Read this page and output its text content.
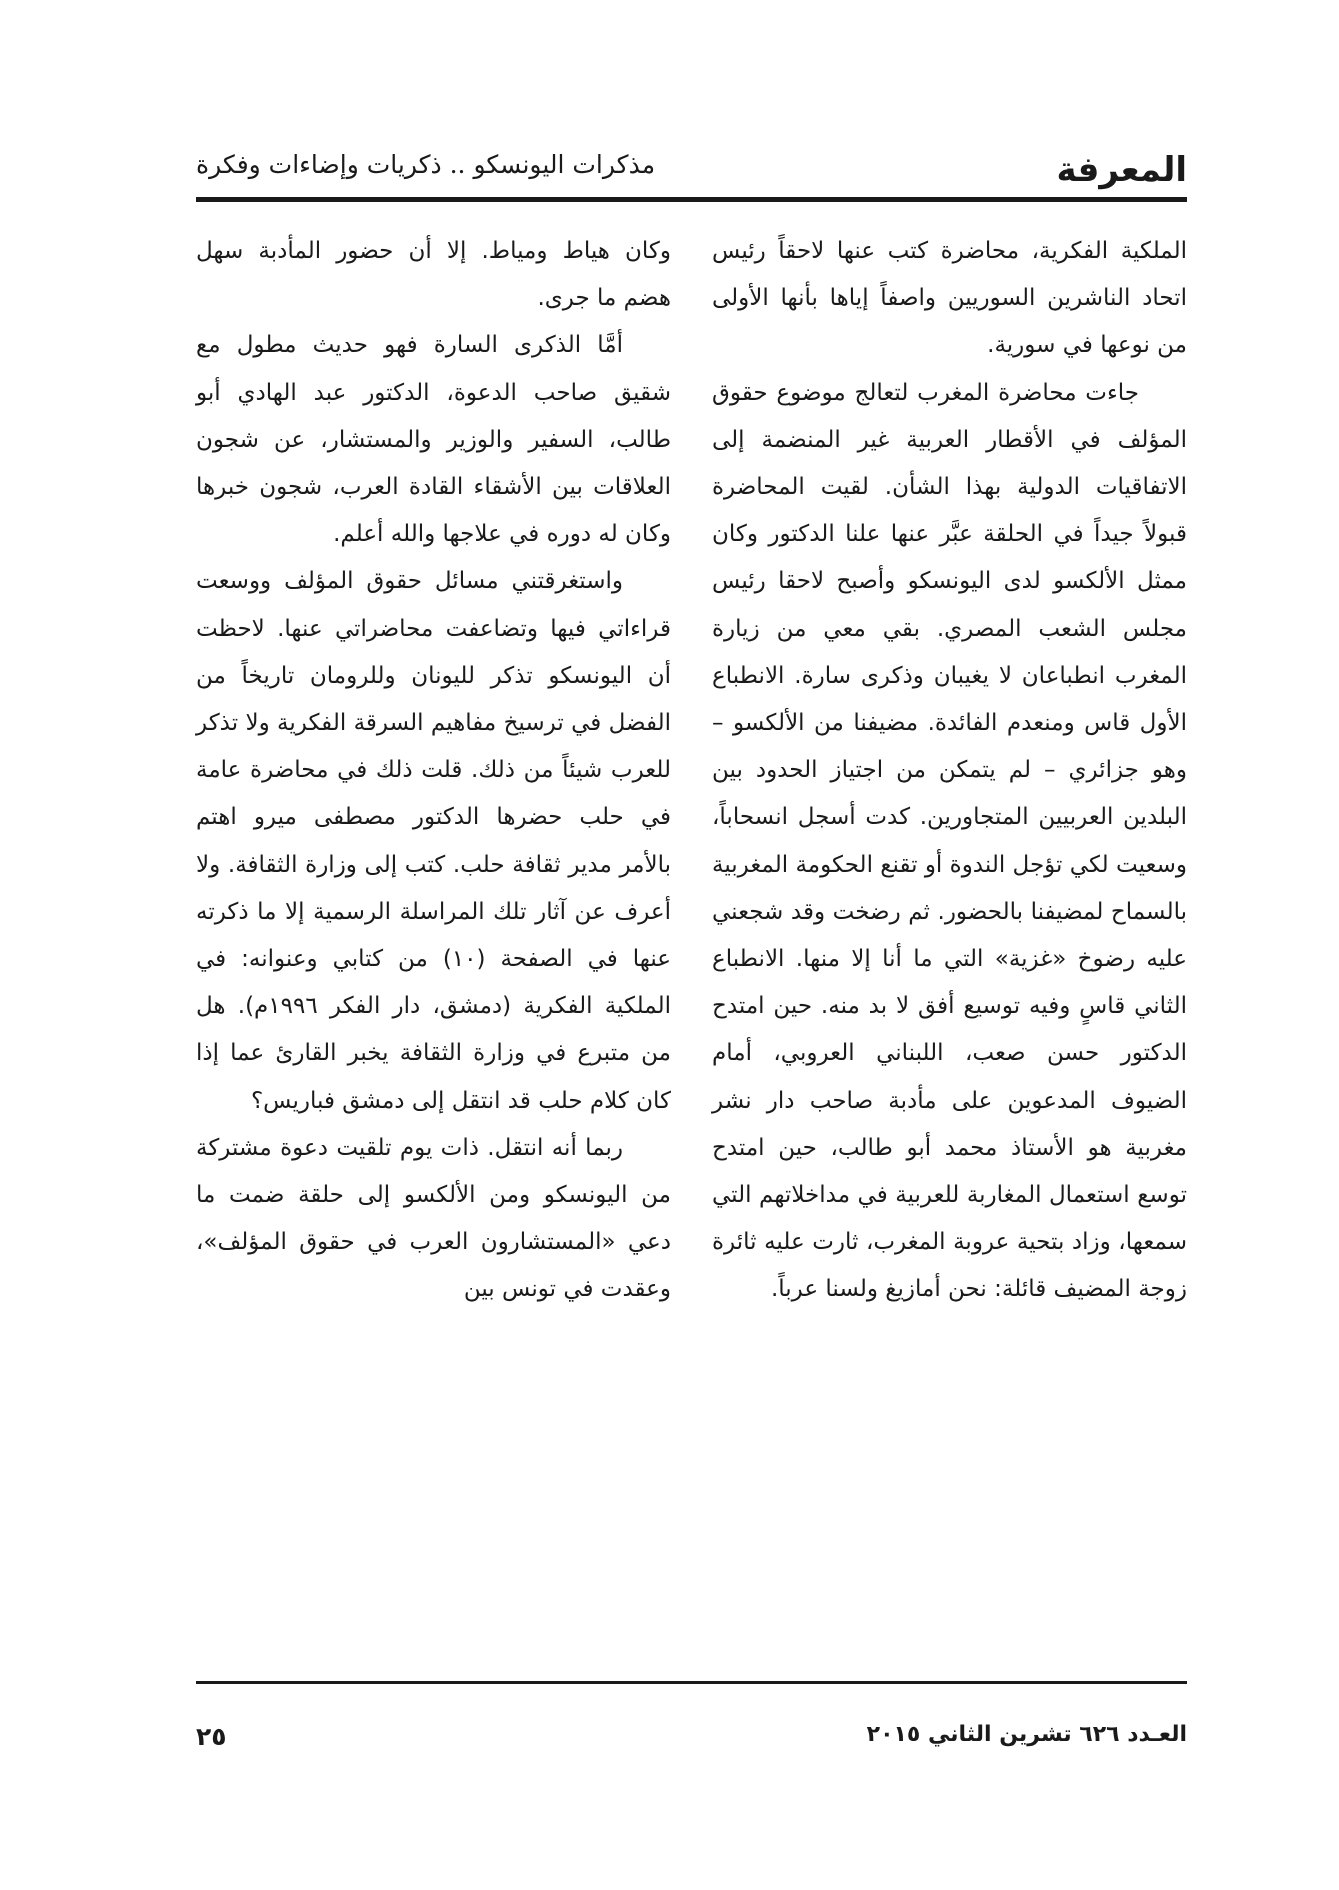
المعرفة
مذكرات اليونسكو .. ذكريات وإضاءات وفكرة

الملكية الفكرية، محاضرة كتب عنها لاحقاً رئيس اتحاد الناشرين السوريين واصفاً إياها بأنها الأولى من نوعها في سورية.

جاءت محاضرة المغرب لتعالج موضوع حقوق المؤلف في الأقطار العربية غير المنضمة إلى الاتفاقيات الدولية بهذا الشأن. لقيت المحاضرة قبولاً جيداً في الحلقة عبَّر عنها علنا الدكتور وكان ممثل الألكسو لدى اليونسكو وأصبح لاحقا رئيس مجلس الشعب المصري. بقي معي من زيارة المغرب انطباعان لا يغيبان وذكرى سارة. الانطباع الأول قاس ومنعدم الفائدة. مضيفنا من الألكسو – وهو جزائري – لم يتمكن من اجتياز الحدود بين البلدين العربيين المتجاورين. كدت أسجل انسحاباً، وسعيت لكي تؤجل الندوة أو تقنع الحكومة المغربية بالسماح لمضيفنا بالحضور. ثم رضخت وقد شجعني عليه رضوخ «غزية» التي ما أنا إلا منها. الانطباع الثاني قاسٍ وفيه توسيع أفق لا بد منه. حين امتدح الدكتور حسن صعب، اللبناني العروبي، أمام الضيوف المدعوين على مأدبة صاحب دار نشر مغربية هو الأستاذ محمد أبو طالب، حين امتدح توسع استعمال المغاربة للعربية في مداخلاتهم التي سمعها، وزاد بتحية عروبة المغرب، ثارت عليه ثائرة زوجة المضيف قائلة: نحن أمازيغ ولسنا عرباً.

وكان هياط ومياط. إلا أن حضور المأدبة سهل هضم ما جرى.

أمَّا الذكرى السارة فهو حديث مطول مع شقيق صاحب الدعوة، الدكتور عبد الهادي أبو طالب، السفير والوزير والمستشار، عن شجون العلاقات بين الأشقاء القادة العرب، شجون خبرها وكان له دوره في علاجها والله أعلم.

واستغرقتني مسائل حقوق المؤلف ووسعت قراءاتي فيها وتضاعفت محاضراتي عنها. لاحظت أن اليونسكو تذكر لليونان وللرومان تاريخاً من الفضل في ترسيخ مفاهيم السرقة الفكرية ولا تذكر للعرب شيئاً من ذلك. قلت ذلك في محاضرة عامة في حلب حضرها الدكتور مصطفى ميرو اهتم بالأمر مدير ثقافة حلب. كتب إلى وزارة الثقافة. ولا أعرف عن آثار تلك المراسلة الرسمية إلا ما ذكرته عنها في الصفحة (١٠) من كتابي وعنوانه: في الملكية الفكرية (دمشق، دار الفكر ١٩٩٦م). هل من متبرع في وزارة الثقافة يخبر القارئ عما إذا كان كلام حلب قد انتقل إلى دمشق فباريس؟

ربما أنه انتقل. ذات يوم تلقيت دعوة مشتركة من اليونسكو ومن الألكسو إلى حلقة ضمت ما دعي «المستشارون العرب في حقوق المؤلف»، وعقدت في تونس بين

العـدد ٦٢٦ تشرين الثاني ٢٠١٥
٢٥
